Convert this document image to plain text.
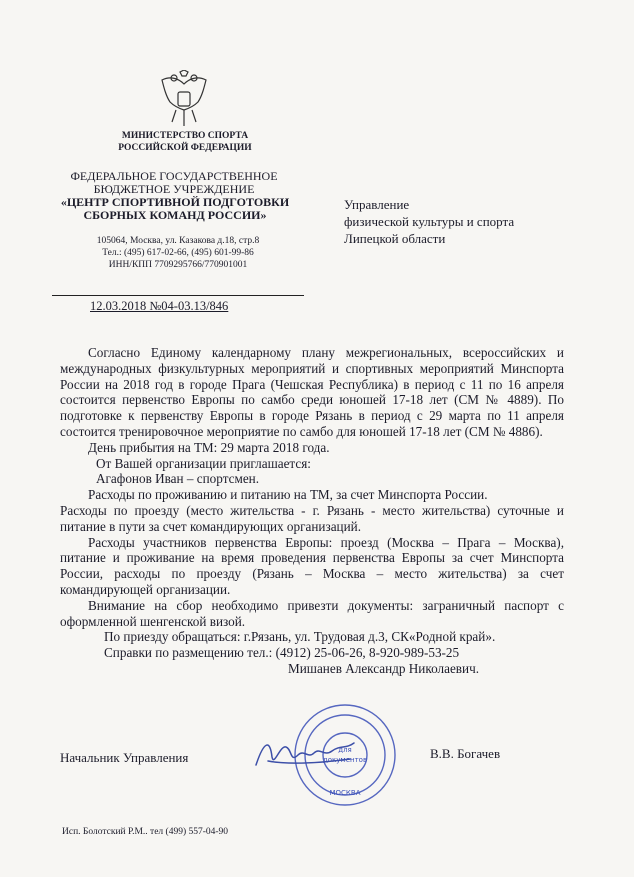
МИНИСТЕРСТВО СПОРТА
РОССИЙСКОЙ ФЕДЕРАЦИИ
ФЕДЕРАЛЬНОЕ ГОСУДАРСТВЕННОЕ
БЮДЖЕТНОЕ УЧРЕЖДЕНИЕ
«ЦЕНТР СПОРТИВНОЙ ПОДГОТОВКИ
СБОРНЫХ КОМАНД РОССИИ»
105064, Москва, ул. Казакова д.18, стр.8
Тел.: (495) 617-02-66, (495) 601-99-86
ИНН/КПП 7709295766/770901001
Управление
физической культуры и спорта
Липецкой области
12.03.2018 №04-03.13/846

Согласно Единому календарному плану межрегиональных, всероссийских и международных физкультурных мероприятий и спортивных мероприятий Минспорта России на 2018 год в городе Прага (Чешская Республика) в период с 11 по 16 апреля состоится первенство Европы по самбо среди юношей 17-18 лет (СМ № 4889). По подготовке к первенству Европы в городе Рязань в период с 29 марта по 11 апреля состоится тренировочное мероприятие по самбо для юношей 17-18 лет (СМ № 4886).

День прибытия на ТМ: 29 марта 2018 года.

От Вашей организации приглашается:

Агафонов Иван – спортсмен.

Расходы по проживанию и питанию на ТМ, за счет Минспорта России.

Расходы по проезду (место жительства - г. Рязань - место жительства) суточные и питание в пути за счет командирующих организаций.

Расходы участников первенства Европы: проезд (Москва – Прага – Москва), питание и проживание на время проведения первенства Европы за счет Минспорта России, расходы по проезду (Рязань – Москва – место жительства) за счет командирующей организации.

Внимание на сбор необходимо привезти документы: заграничный паспорт с оформленной шенгенской визой.

По приезду обращаться: г.Рязань, ул. Трудовая д.3, СК«Родной край».

Справки по размещению тел.: (4912) 25-06-26, 8-920-989-53-25

Мишанев Александр Николаевич.

Начальник Управления	В.В. Богачев
для
документов
МОСКВА
Исп. Болотский Р.М.. тел (499) 557-04-90
